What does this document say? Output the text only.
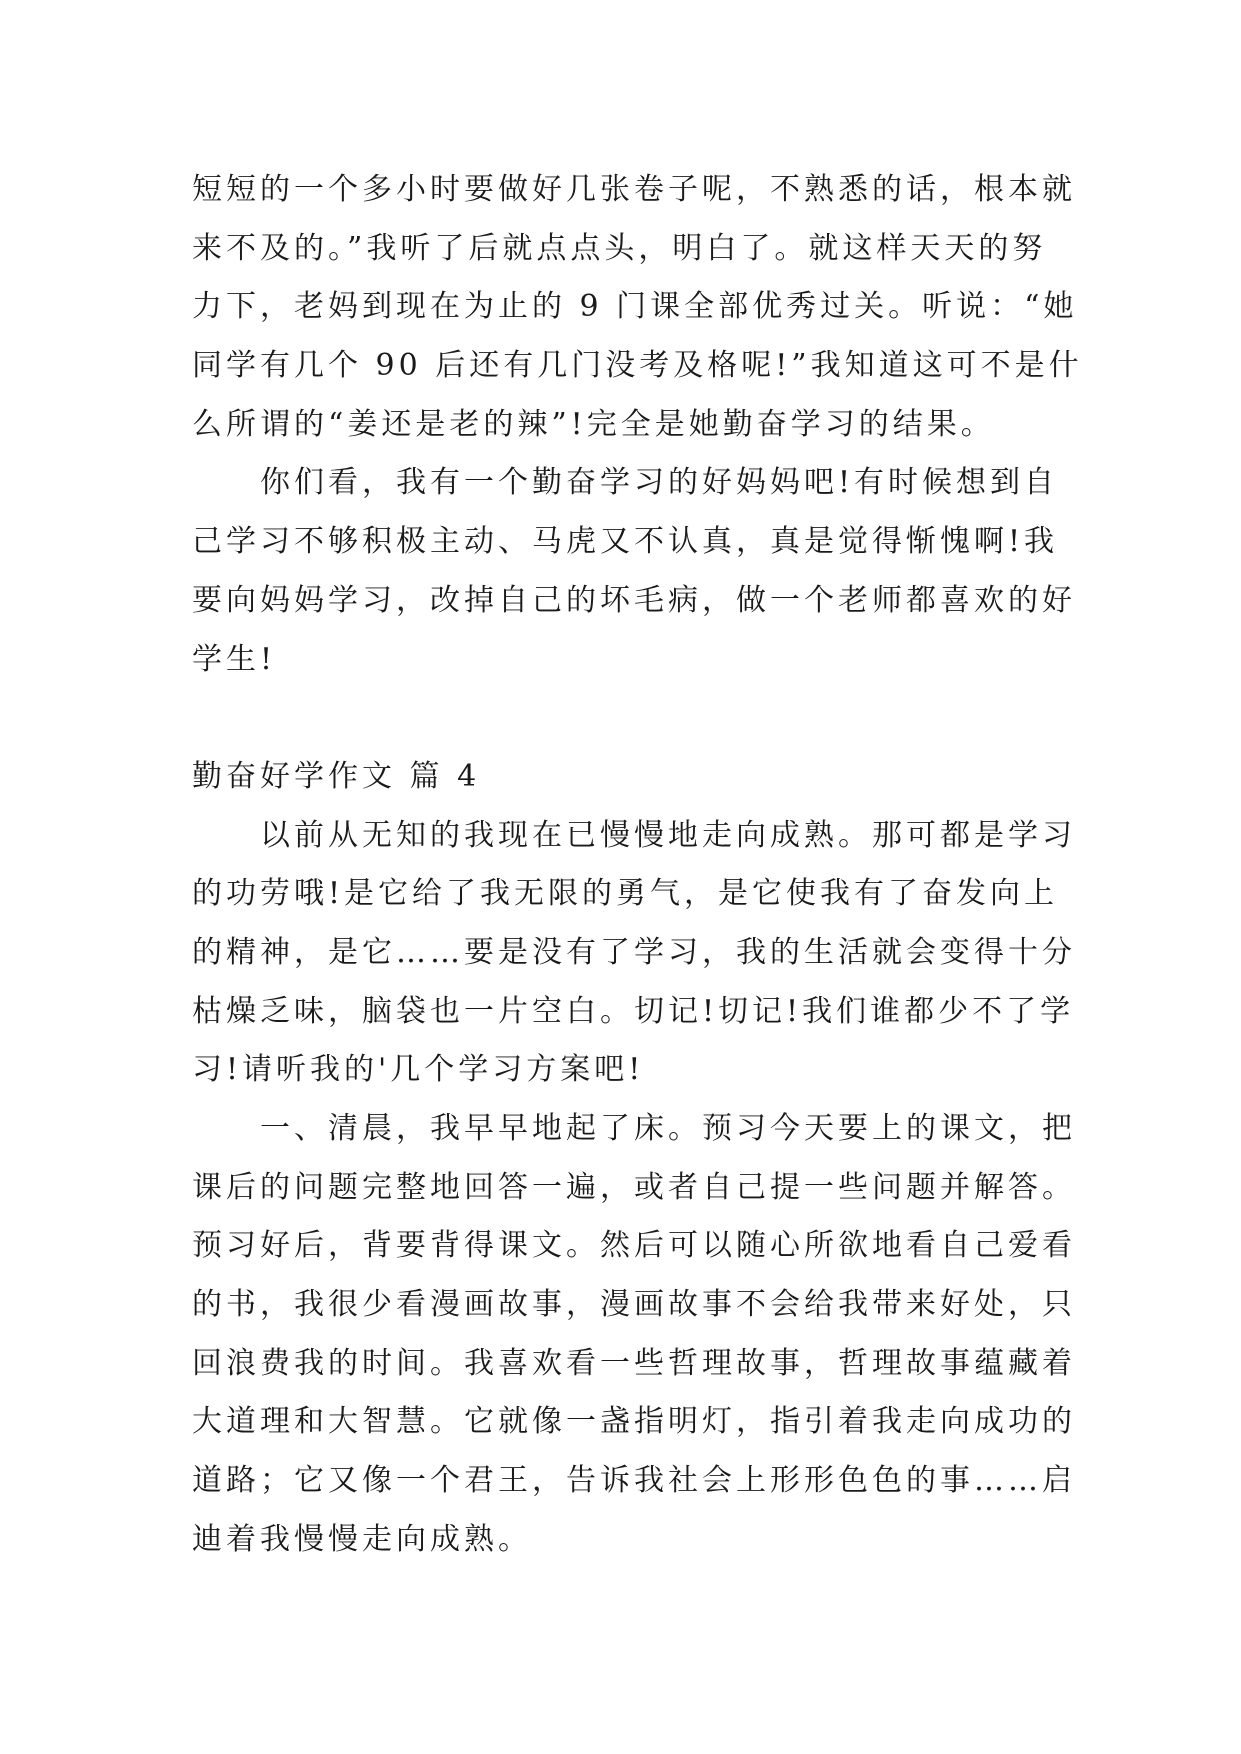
短短的一个多小时要做好几张卷子呢，不熟悉的话，根本就
来不及的。”我听了后就点点头，明白了。就这样天天的努
力下，老妈到现在为止的 9 门课全部优秀过关。听说：“她
同学有几个 90 后还有几门没考及格呢!”我知道这可不是什
么所谓的“姜还是老的辣”!完全是她勤奋学习的结果。
你们看，我有一个勤奋学习的好妈妈吧!有时候想到自
己学习不够积极主动、马虎又不认真，真是觉得惭愧啊!我
要向妈妈学习，改掉自己的坏毛病，做一个老师都喜欢的好
学生!
勤奋好学作文 篇 4
以前从无知的我现在已慢慢地走向成熟。那可都是学习
的功劳哦!是它给了我无限的勇气，是它使我有了奋发向上
的精神，是它……要是没有了学习，我的生活就会变得十分
枯燥乏味，脑袋也一片空白。切记!切记!我们谁都少不了学
习!请听我的'几个学习方案吧!
一、清晨，我早早地起了床。预习今天要上的课文，把
课后的问题完整地回答一遍，或者自己提一些问题并解答。
预习好后，背要背得课文。然后可以随心所欲地看自己爱看
的书，我很少看漫画故事，漫画故事不会给我带来好处，只
回浪费我的时间。我喜欢看一些哲理故事，哲理故事蕴藏着
大道理和大智慧。它就像一盏指明灯，指引着我走向成功的
道路；它又像一个君王，告诉我社会上形形色色的事……启
迪着我慢慢走向成熟。
